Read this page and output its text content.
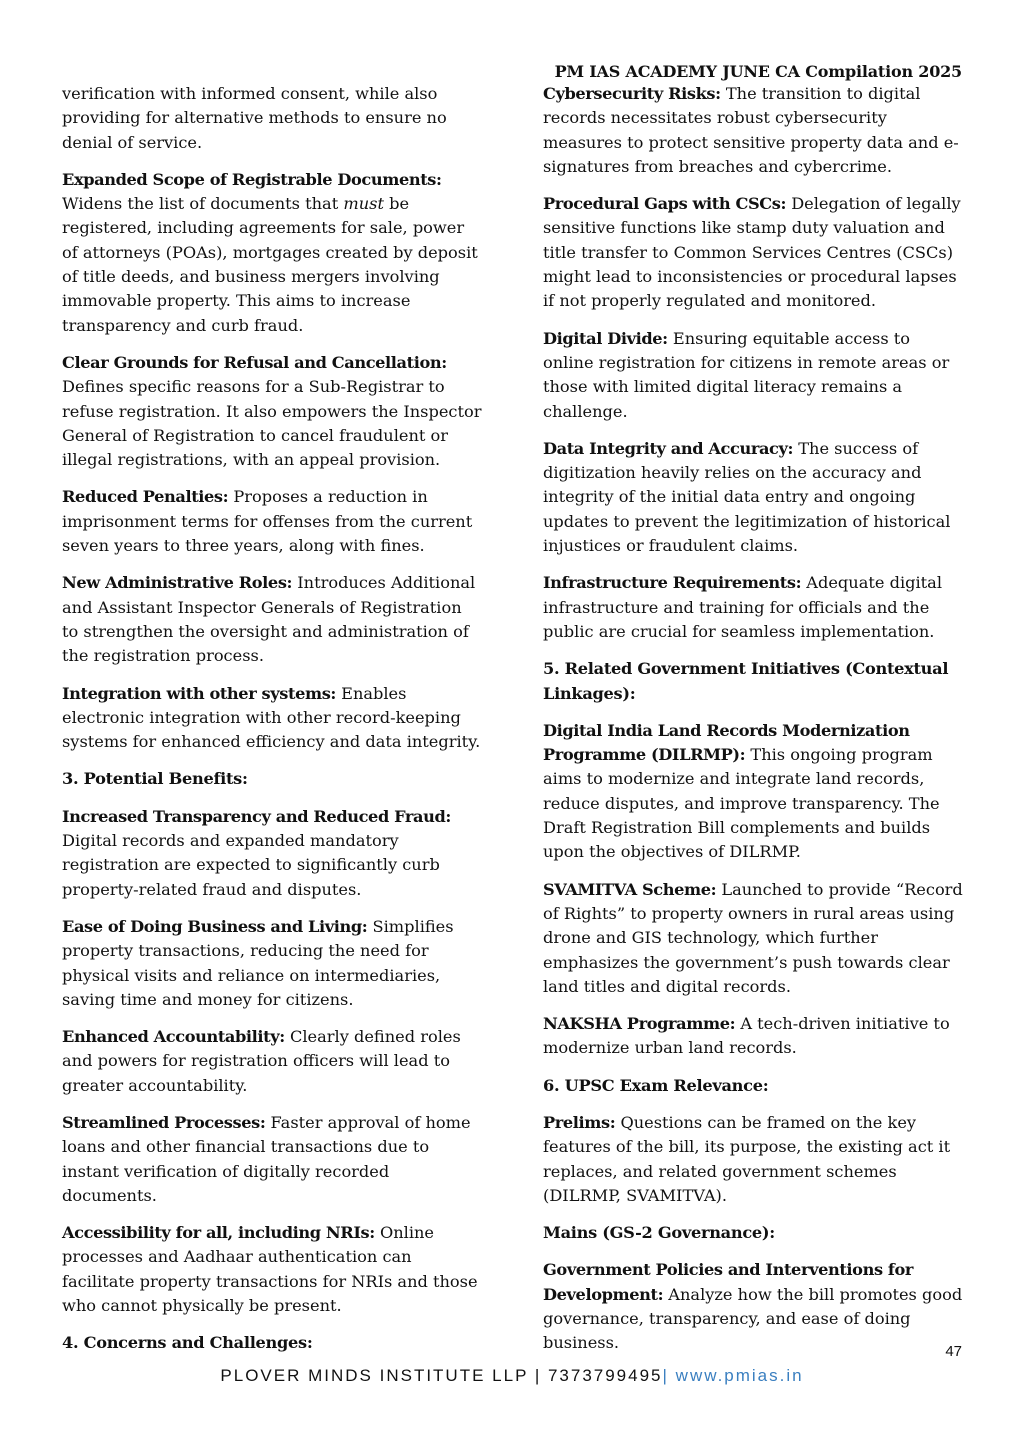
PM IAS ACADEMY JUNE CA Compilation 2025

verification with informed consent, while also providing for alternative methods to ensure no denial of service.

Expanded Scope of Registrable Documents: Widens the list of documents that must be registered, including agreements for sale, power of attorneys (POAs), mortgages created by deposit of title deeds, and business mergers involving immovable property. This aims to increase transparency and curb fraud.

Clear Grounds for Refusal and Cancellation: Defines specific reasons for a Sub-Registrar to refuse registration. It also empowers the Inspector General of Registration to cancel fraudulent or illegal registrations, with an appeal provision.

Reduced Penalties: Proposes a reduction in imprisonment terms for offenses from the current seven years to three years, along with fines.

New Administrative Roles: Introduces Additional and Assistant Inspector Generals of Registration to strengthen the oversight and administration of the registration process.

Integration with other systems: Enables electronic integration with other record-keeping systems for enhanced efficiency and data integrity.

3. Potential Benefits:

Increased Transparency and Reduced Fraud: Digital records and expanded mandatory registration are expected to significantly curb property-related fraud and disputes.

Ease of Doing Business and Living: Simplifies property transactions, reducing the need for physical visits and reliance on intermediaries, saving time and money for citizens.

Enhanced Accountability: Clearly defined roles and powers for registration officers will lead to greater accountability.

Streamlined Processes: Faster approval of home loans and other financial transactions due to instant verification of digitally recorded documents.

Accessibility for all, including NRIs: Online processes and Aadhaar authentication can facilitate property transactions for NRIs and those who cannot physically be present.

4. Concerns and Challenges:

Cybersecurity Risks: The transition to digital records necessitates robust cybersecurity measures to protect sensitive property data and e-signatures from breaches and cybercrime.

Procedural Gaps with CSCs: Delegation of legally sensitive functions like stamp duty valuation and title transfer to Common Services Centres (CSCs) might lead to inconsistencies or procedural lapses if not properly regulated and monitored.

Digital Divide: Ensuring equitable access to online registration for citizens in remote areas or those with limited digital literacy remains a challenge.

Data Integrity and Accuracy: The success of digitization heavily relies on the accuracy and integrity of the initial data entry and ongoing updates to prevent the legitimization of historical injustices or fraudulent claims.

Infrastructure Requirements: Adequate digital infrastructure and training for officials and the public are crucial for seamless implementation.

5. Related Government Initiatives (Contextual Linkages):

Digital India Land Records Modernization Programme (DILRMP): This ongoing program aims to modernize and integrate land records, reduce disputes, and improve transparency. The Draft Registration Bill complements and builds upon the objectives of DILRMP.

SVAMITVA Scheme: Launched to provide “Record of Rights” to property owners in rural areas using drone and GIS technology, which further emphasizes the government’s push towards clear land titles and digital records.

NAKSHA Programme: A tech-driven initiative to modernize urban land records.

6. UPSC Exam Relevance:

Prelims: Questions can be framed on the key features of the bill, its purpose, the existing act it replaces, and related government schemes (DILRMP, SVAMITVA).

Mains (GS-2 Governance):

Government Policies and Interventions for Development: Analyze how the bill promotes good governance, transparency, and ease of doing business.	47
PLOVER MINDS INSTITUTE LLP | 7373799495| www.pmias.in
